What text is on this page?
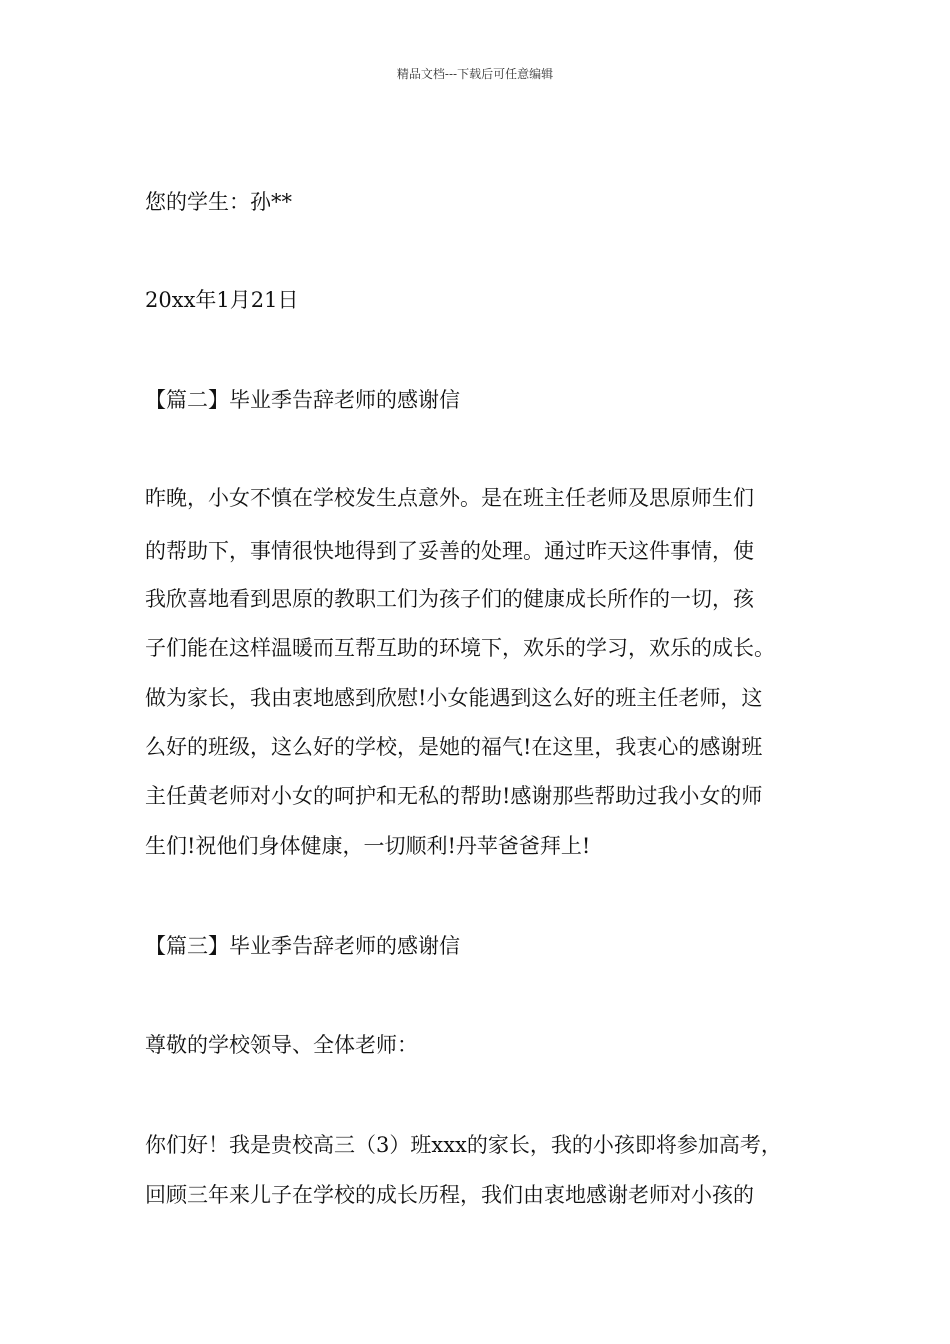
精品文档---下载后可任意编辑
您的学生：孙**
20xx年1月21日
【篇二】毕业季告辞老师的感谢信
昨晚，小女不慎在学校发生点意外。是在班主任老师及思原师生们
的帮助下，事情很快地得到了妥善的处理。通过昨天这件事情，使
我欣喜地看到思原的教职工们为孩子们的健康成长所作的一切，孩
子们能在这样温暖而互帮互助的环境下，欢乐的学习，欢乐的成长。
做为家长，我由衷地感到欣慰!小女能遇到这么好的班主任老师，这
么好的班级，这么好的学校，是她的福气!在这里，我衷心的感谢班
主任黄老师对小女的呵护和无私的帮助!感谢那些帮助过我小女的师
生们!祝他们身体健康，一切顺利!丹苹爸爸拜上!
【篇三】毕业季告辞老师的感谢信
尊敬的学校领导、全体老师：
你们好！我是贵校高三（3）班xxx的家长，我的小孩即将参加高考，
回顾三年来儿子在学校的成长历程，我们由衷地感谢老师对小孩的
